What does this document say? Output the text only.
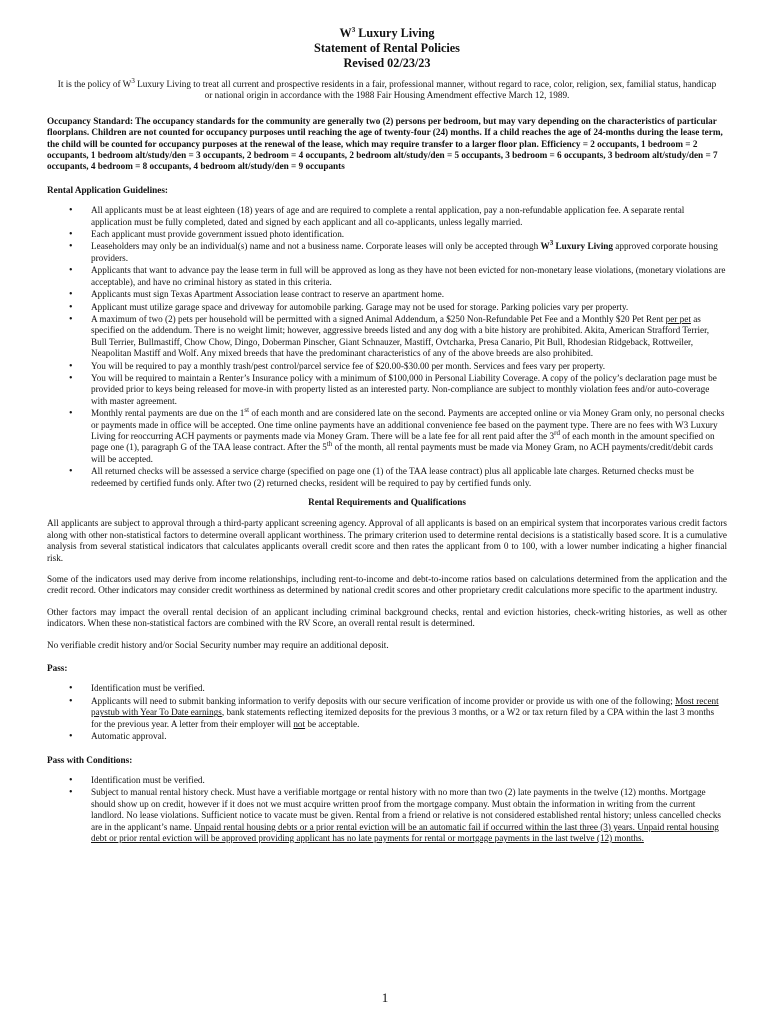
$W^3$ Luxury Living

Statement of Rental Policies

Revised 02/23/23

It is the policy of $W^3$ Luxury Living to treat all current and prospective residents in a fair, professional manner, without regard to race, color, religion, sex, familial status, handicap or national origin in accordance with the 1988 Fair Housing Amendment effective March 12, 1989.

Occupancy Standard: The occupancy standards for the community are generally two (2) persons per bedroom, but may vary depending on the characteristics of particular floorplans. Children are not counted for occupancy purposes until reaching the age of twenty-four (24) months. If a child reaches the age of 24-months during the lease term, the child will be counted for occupancy purposes at the renewal of the lease, which may require transfer to a larger floor plan. Efficiency = 2 occupants, 1 bedroom = 2 occupants, 1 bedroom alt/study/den = 3 occupants, 2 bedroom = 4 occupants, 2 bedroom alt/study/den = 5 occupants, 3 bedroom = 6 occupants, 3 bedroom alt/study/den = 7 occupants, 4 bedroom = 8 occupants, 4 bedroom alt/study/den = 9 occupants

Rental Application Guidelines:

• All applicants must be at least eighteen (18) years of age and are required to complete a rental application, pay a non-refundable application fee. A separate rental application must be fully completed, dated and signed by each applicant and all co-applicants, unless legally married.
• Each applicant must provide government issued photo identification.
• Leaseholders may only be an individual(s) name and not a business name. Corporate leases will only be accepted through $W^3$ Luxury Living approved corporate housing providers.
• Applicants that want to advance pay the lease term in full will be approved as long as they have not been evicted for non-monetary lease violations, (monetary violations are acceptable), and have no criminal history as stated in this criteria.
• Applicants must sign Texas Apartment Association lease contract to reserve an apartment home.
• Applicant must utilize garage space and driveway for automobile parking. Garage may not be used for storage. Parking policies vary per property.
• A maximum of two (2) pets per household will be permitted with a signed Animal Addendum, a $250 Non-Refundable Pet Fee and a Monthly $20 Pet Rent per pet as specified on the addendum. There is no weight limit; however, aggressive breeds listed and any dog with a bite history are prohibited. Akita, American Strafford Terrier, Bull Terrier, Bullmastiff, Chow Chow, Dingo, Doberman Pinscher, Giant Schnauzer, Mastiff, Ovtcharka, Presa Canario, Pit Bull, Rhodesian Ridgeback, Rottweiler, Neapolitan Mastiff and Wolf. Any mixed breeds that have the predominant characteristics of any of the above breeds are also prohibited.
• You will be required to pay a monthly trash/pest control/parcel service fee of $20.00-$30.00 per month. Services and fees vary per property.
• You will be required to maintain a Renter’s Insurance policy with a minimum of $100,000 in Personal Liability Coverage. A copy of the policy’s declaration page must be provided prior to keys being released for move-in with property listed as an interested party. Non-compliance are subject to monthly violation fees and/or auto-coverage with master agreement.
• Monthly rental payments are due on the 1st of each month and are considered late on the second. Payments are accepted online or via Money Gram only, no personal checks or payments made in office will be accepted. One time online payments have an additional convenience fee based on the payment type. There are no fees with W3 Luxury Living for reoccurring ACH payments or payments made via Money Gram. There will be a late fee for all rent paid after the 3rd of each month in the amount specified on page one (1), paragraph G of the TAA lease contract. After the 5th of the month, all rental payments must be made via Money Gram, no ACH payments/credit/debit cards will be accepted.
• All returned checks will be assessed a service charge (specified on page one (1) of the TAA lease contract) plus all applicable late charges. Returned checks must be redeemed by certified funds only. After two (2) returned checks, resident will be required to pay by certified funds only.

Rental Requirements and Qualifications

All applicants are subject to approval through a third-party applicant screening agency. Approval of all applicants is based on an empirical system that incorporates various credit factors along with other non-statistical factors to determine overall applicant worthiness. The primary criterion used to determine rental decisions is a statistically based score. It is a cumulative analysis from several statistical indicators that calculates applicants overall credit score and then rates the applicant from 0 to 100, with a lower number indicating a higher financial risk.

Some of the indicators used may derive from income relationships, including rent-to-income and debt-to-income ratios based on calculations determined from the application and the credit record. Other indicators may consider credit worthiness as determined by national credit scores and other proprietary credit calculations more specific to the apartment industry.

Other factors may impact the overall rental decision of an applicant including criminal background checks, rental and eviction histories, check-writing histories, as well as other indicators. When these non-statistical factors are combined with the RV Score, an overall rental result is determined.

No verifiable credit history and/or Social Security number may require an additional deposit.

Pass:

• Identification must be verified.
• Applicants will need to submit banking information to verify deposits with our secure verification of income provider or provide us with one of the following; Most recent paystub with Year To Date earnings, bank statements reflecting itemized deposits for the previous 3 months, or a W2 or tax return filed by a CPA within the last 3 months for the previous year. A letter from their employer will not be acceptable.
• Automatic approval.

Pass with Conditions:

• Identification must be verified.
• Subject to manual rental history check. Must have a verifiable mortgage or rental history with no more than two (2) late payments in the twelve (12) months. Mortgage should show up on credit, however if it does not we must acquire written proof from the mortgage company. Must obtain the information in writing from the current landlord. No lease violations. Sufficient notice to vacate must be given. Rental from a friend or relative is not considered established rental history; unless cancelled checks are in the applicant’s name. Unpaid rental housing debts or a prior rental eviction will be an automatic fail if occurred within the last three (3) years. Unpaid rental housing debt or prior rental eviction will be approved providing applicant has no late payments for rental or mortgage payments in the last twelve (12) months.
1
